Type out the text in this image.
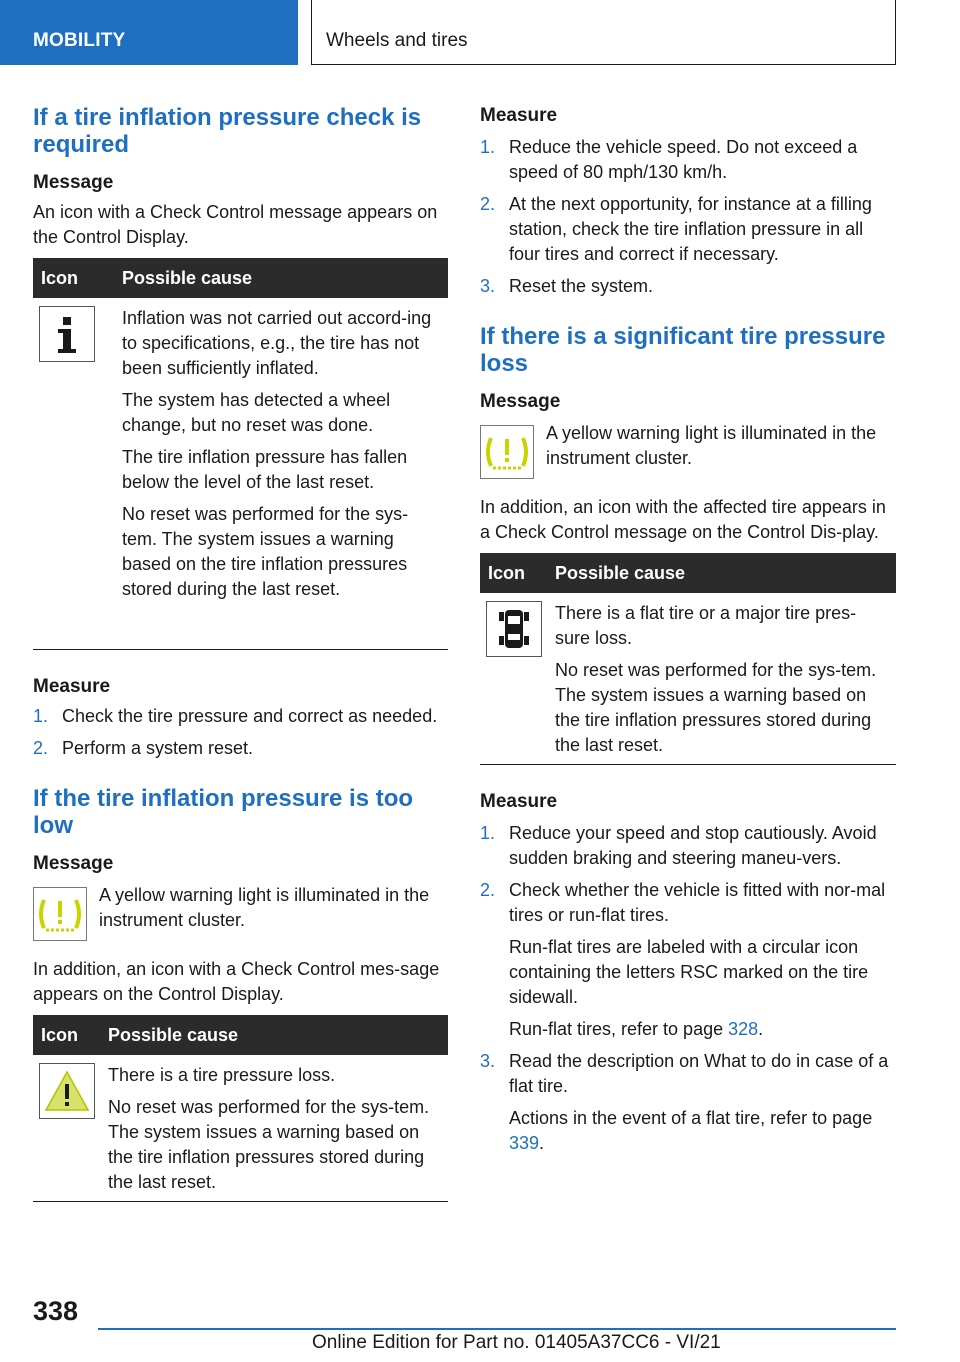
MOBILITY	Wheels and tires
If a tire inflation pressure check is required
Message

An icon with a Check Control message appears on the Control Display.

Icon Possible cause

Inflation was not carried out accord-ing to specifications, e.g., the tire has not been sufficiently inflated.

The system has detected a wheel change, but no reset was done.

The tire inflation pressure has fallen below the level of the last reset.

No reset was performed for the sys-tem. The system issues a warning based on the tire inflation pressures stored during the last reset.

Measure
1. Check the tire pressure and correct as needed.
2. Perform a system reset.
If the tire inflation pressure is too low
Message

A yellow warning light is illuminated in the instrument cluster.

In addition, an icon with a Check Control mes-sage appears on the Control Display.

Icon Possible cause

There is a tire pressure loss.

No reset was performed for the sys-tem. The system issues a warning based on the tire inflation pressures stored during the last reset.

Measure
1. Reduce the vehicle speed. Do not exceed a speed of 80 mph/130 km/h.
2. At the next opportunity, for instance at a filling station, check the tire inflation pressure in all four tires and correct if necessary.
3. Reset the system.
If there is a significant tire pressure loss
Message

A yellow warning light is illuminated in the instrument cluster.

In addition, an icon with the affected tire appears in a Check Control message on the Control Dis-play.

Icon Possible cause

There is a flat tire or a major tire pres-sure loss.

No reset was performed for the sys-tem. The system issues a warning based on the tire inflation pressures stored during the last reset.

Measure
1. Reduce your speed and stop cautiously. Avoid sudden braking and steering maneu-vers.
2. Check whether the vehicle is fitted with nor-mal tires or run-flat tires.

Run-flat tires are labeled with a circular icon containing the letters RSC marked on the tire sidewall.

Run-flat tires, refer to page 328.

3. Read the description on What to do in case of a flat tire.

Actions in the event of a flat tire, refer to page 339.

338
Online Edition for Part no. 01405A37CC6 - VI/21
